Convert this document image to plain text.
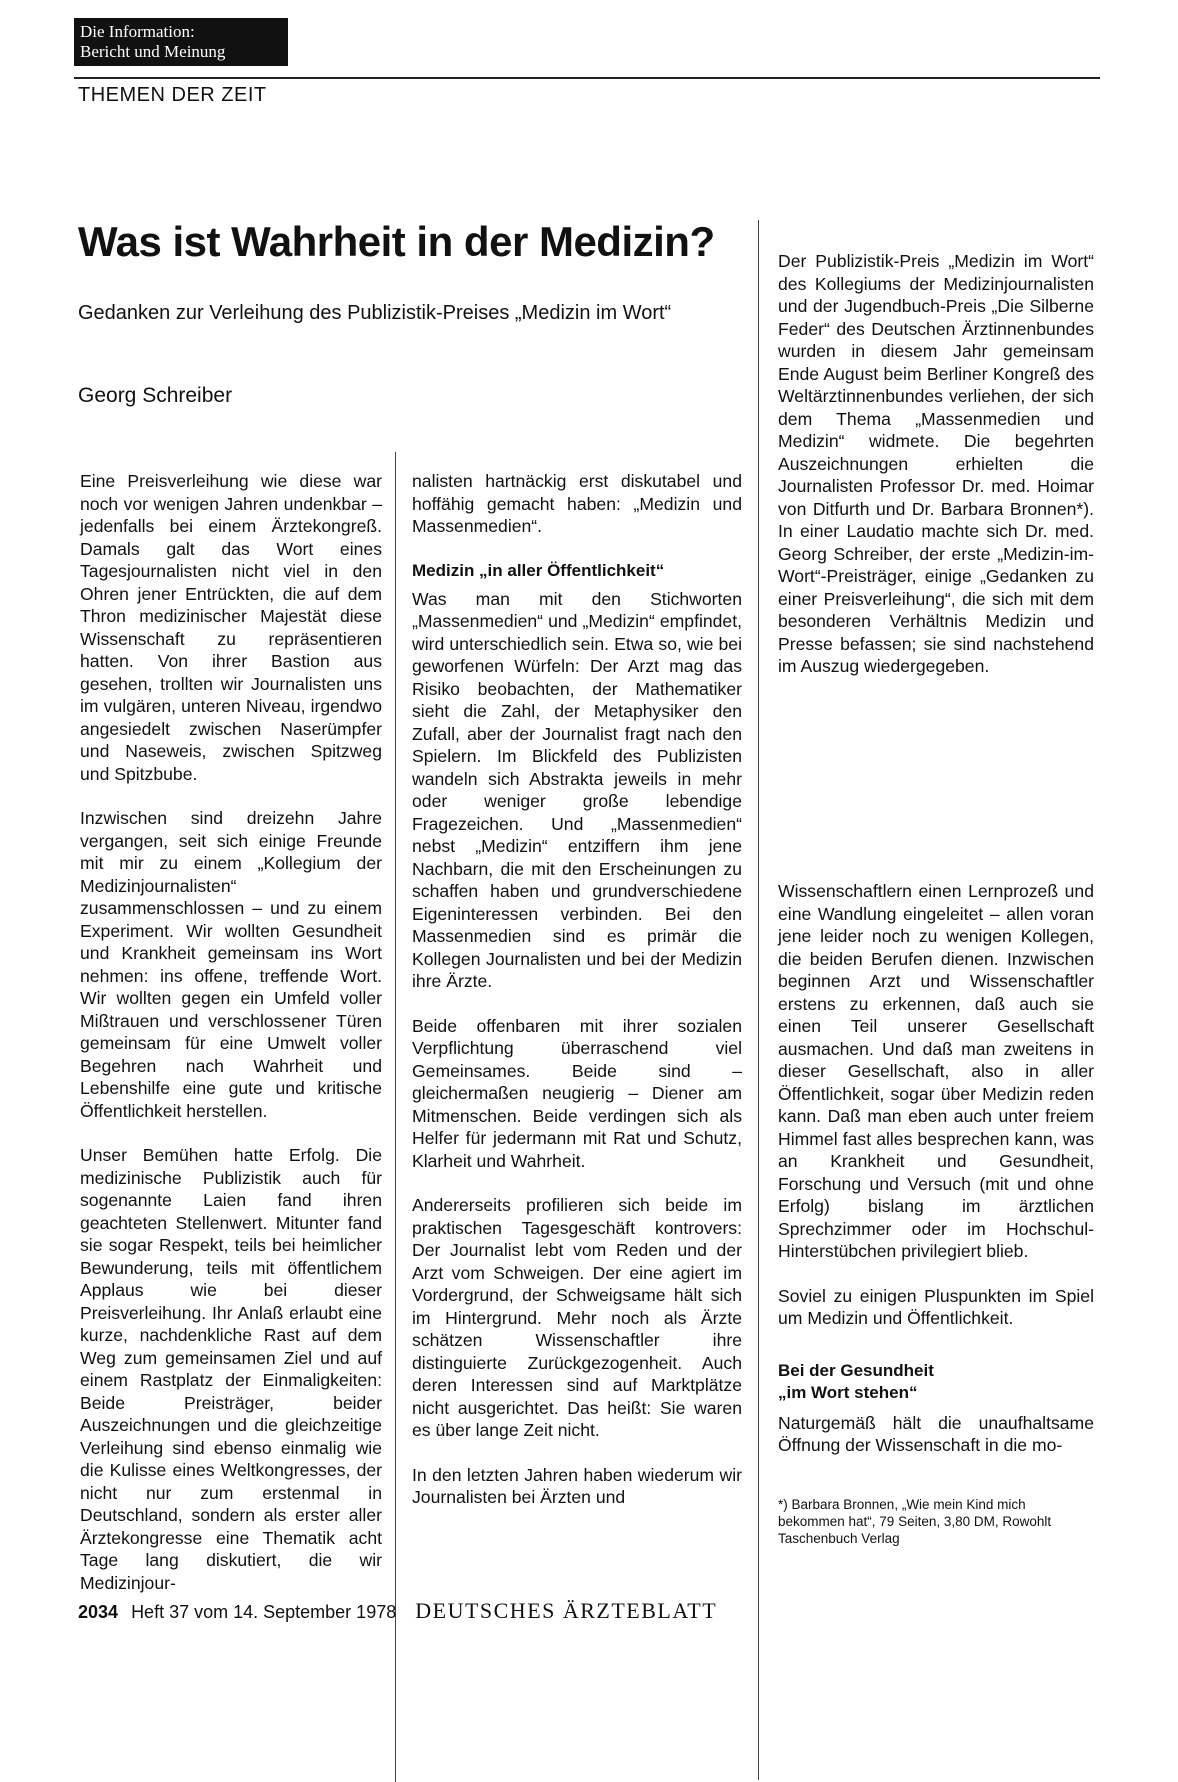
Die Information:
Bericht und Meinung
THEMEN DER ZEIT
Was ist Wahrheit in der Medizin?
Gedanken zur Verleihung des Publizistik-Preises „Medizin im Wort“
Georg Schreiber

Eine Preisverleihung wie diese war noch vor wenigen Jahren undenkbar – jedenfalls bei einem Ärztekongreß. Damals galt das Wort eines Tagesjournalisten nicht viel in den Ohren jener Entrückten, die auf dem Thron medizinischer Majestät diese Wissenschaft zu repräsentieren hatten. Von ihrer Bastion aus gesehen, trollten wir Journalisten uns im vulgären, unteren Niveau, irgendwo angesiedelt zwischen Naserümpfer und Naseweis, zwischen Spitzweg und Spitzbube.

Inzwischen sind dreizehn Jahre vergangen, seit sich einige Freunde mit mir zu einem „Kollegium der Medizinjournalisten“ zusammenschlossen – und zu einem Experiment. Wir wollten Gesundheit und Krankheit gemeinsam ins Wort nehmen: ins offene, treffende Wort. Wir wollten gegen ein Umfeld voller Mißtrauen und verschlossener Türen gemeinsam für eine Umwelt voller Begehren nach Wahrheit und Lebenshilfe eine gute und kritische Öffentlichkeit herstellen.

Unser Bemühen hatte Erfolg. Die medizinische Publizistik auch für sogenannte Laien fand ihren geachteten Stellenwert. Mitunter fand sie sogar Respekt, teils bei heimlicher Bewunderung, teils mit öffentlichem Applaus wie bei dieser Preisverleihung. Ihr Anlaß erlaubt eine kurze, nachdenkliche Rast auf dem Weg zum gemeinsamen Ziel und auf einem Rastplatz der Einmaligkeiten: Beide Preisträger, beider Auszeichnungen und die gleichzeitige Verleihung sind ebenso einmalig wie die Kulisse eines Weltkongresses, der nicht nur zum erstenmal in Deutschland, sondern als erster aller Ärztekongresse eine Thematik acht Tage lang diskutiert, die wir Medizinjour-

nalisten hartnäckig erst diskutabel und hoffähig gemacht haben: „Medizin und Massenmedien“.

Medizin „in aller Öffentlichkeit“

Was man mit den Stichworten „Massenmedien“ und „Medizin“ empfindet, wird unterschiedlich sein. Etwa so, wie bei geworfenen Würfeln: Der Arzt mag das Risiko beobachten, der Mathematiker sieht die Zahl, der Metaphysiker den Zufall, aber der Journalist fragt nach den Spielern. Im Blickfeld des Publizisten wandeln sich Abstrakta jeweils in mehr oder weniger große lebendige Fragezeichen. Und „Massenmedien“ nebst „Medizin“ entziffern ihm jene Nachbarn, die mit den Erscheinungen zu schaffen haben und grundverschiedene Eigeninteressen verbinden. Bei den Massenmedien sind es primär die Kollegen Journalisten und bei der Medizin ihre Ärzte.

Beide offenbaren mit ihrer sozialen Verpflichtung überraschend viel Gemeinsames. Beide sind – gleichermaßen neugierig – Diener am Mitmenschen. Beide verdingen sich als Helfer für jedermann mit Rat und Schutz, Klarheit und Wahrheit.

Andererseits profilieren sich beide im praktischen Tagesgeschäft kontrovers: Der Journalist lebt vom Reden und der Arzt vom Schweigen. Der eine agiert im Vordergrund, der Schweigsame hält sich im Hintergrund. Mehr noch als Ärzte schätzen Wissenschaftler ihre distinguierte Zurückgezogenheit. Auch deren Interessen sind auf Marktplätze nicht ausgerichtet. Das heißt: Sie waren es über lange Zeit nicht.

In den letzten Jahren haben wiederum wir Journalisten bei Ärzten und

Der Publizistik-Preis „Medizin im Wort“ des Kollegiums der Medizinjournalisten und der Jugendbuch-Preis „Die Silberne Feder“ des Deutschen Ärztinnenbundes wurden in diesem Jahr gemeinsam Ende August beim Berliner Kongreß des Weltärztinnenbundes verliehen, der sich dem Thema „Massenmedien und Medizin“ widmete. Die begehrten Auszeichnungen erhielten die Journalisten Professor Dr. med. Hoimar von Ditfurth und Dr. Barbara Bronnen*). In einer Laudatio machte sich Dr. med. Georg Schreiber, der erste „Medizin-im-Wort“-Preisträger, einige „Gedanken zu einer Preisverleihung“, die sich mit dem besonderen Verhältnis Medizin und Presse befassen; sie sind nachstehend im Auszug wiedergegeben.

Wissenschaftlern einen Lernprozeß und eine Wandlung eingeleitet – allen voran jene leider noch zu wenigen Kollegen, die beiden Berufen dienen. Inzwischen beginnen Arzt und Wissenschaftler erstens zu erkennen, daß auch sie einen Teil unserer Gesellschaft ausmachen. Und daß man zweitens in dieser Gesellschaft, also in aller Öffentlichkeit, sogar über Medizin reden kann. Daß man eben auch unter freiem Himmel fast alles besprechen kann, was an Krankheit und Gesundheit, Forschung und Versuch (mit und ohne Erfolg) bislang im ärztlichen Sprechzimmer oder im Hochschul-Hinterstübchen privilegiert blieb.

Soviel zu einigen Pluspunkten im Spiel um Medizin und Öffentlichkeit.

Bei der Gesundheit
„im Wort stehen“

Naturgemäß hält die unaufhaltsame Öffnung der Wissenschaft in die mo-

*) Barbara Bronnen, „Wie mein Kind mich bekommen hat“, 79 Seiten, 3,80 DM, Rowohlt Taschenbuch Verlag
2034 Heft 37 vom 14. September 1978 DEUTSCHES ÄRZTEBLATT
